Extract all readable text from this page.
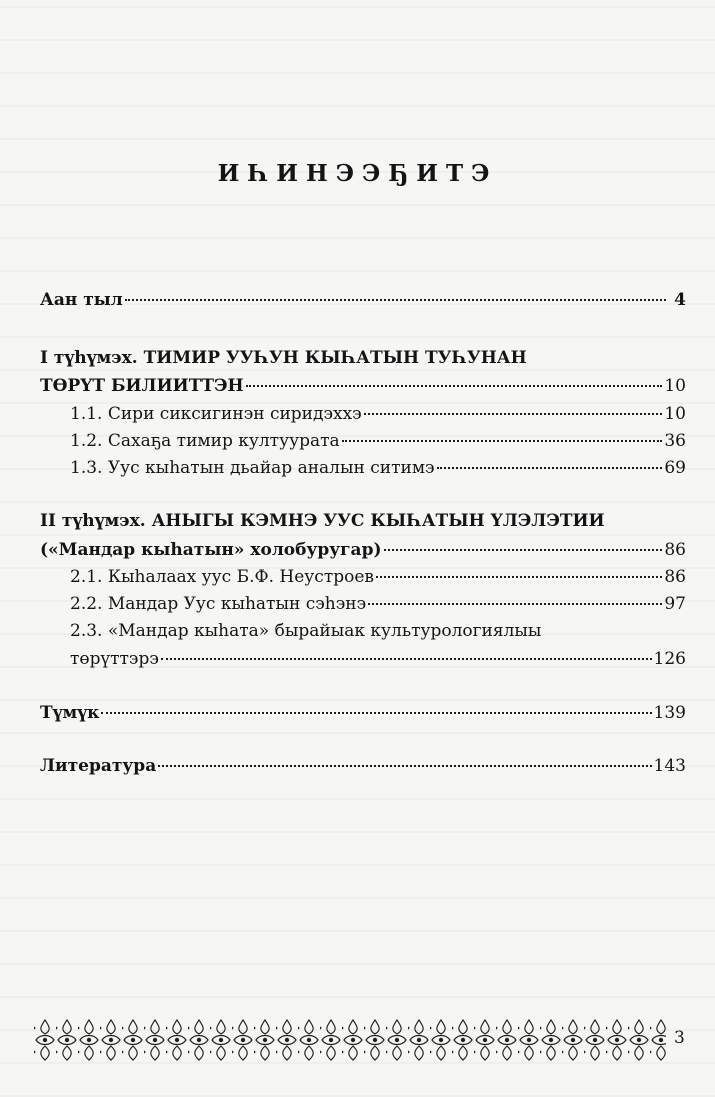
ИҺИНЭЭҔИТЭ
Аан тыл	4
I түһүмэх. ТИМИР УУҺУН КЫҺАТЫН ТУҺУНАН
ТӨРҮТ БИЛИИТТЭН	10
1.1. Сири сиксигинэн сиридэххэ	10
1.2. Сахаҕа тимир култуурата	36
1.3. Уус кыһатын дьайар аналын ситимэ	69
II түһүмэх. АНЫГЫ КЭМНЭ УУС КЫҺАТЫН ҮЛЭЛЭТИИ
(«Мандар кыһатын» холобуругар)	86
2.1. Кыһалаах уус Б.Ф. Неустроев	86
2.2. Мандар Уус кыһатын сэһэнэ	97
2.3. «Мандар кыһата» бырайыак культурологиялыы
төрүттэрэ	126
Түмүк	139
Литература	143
3
